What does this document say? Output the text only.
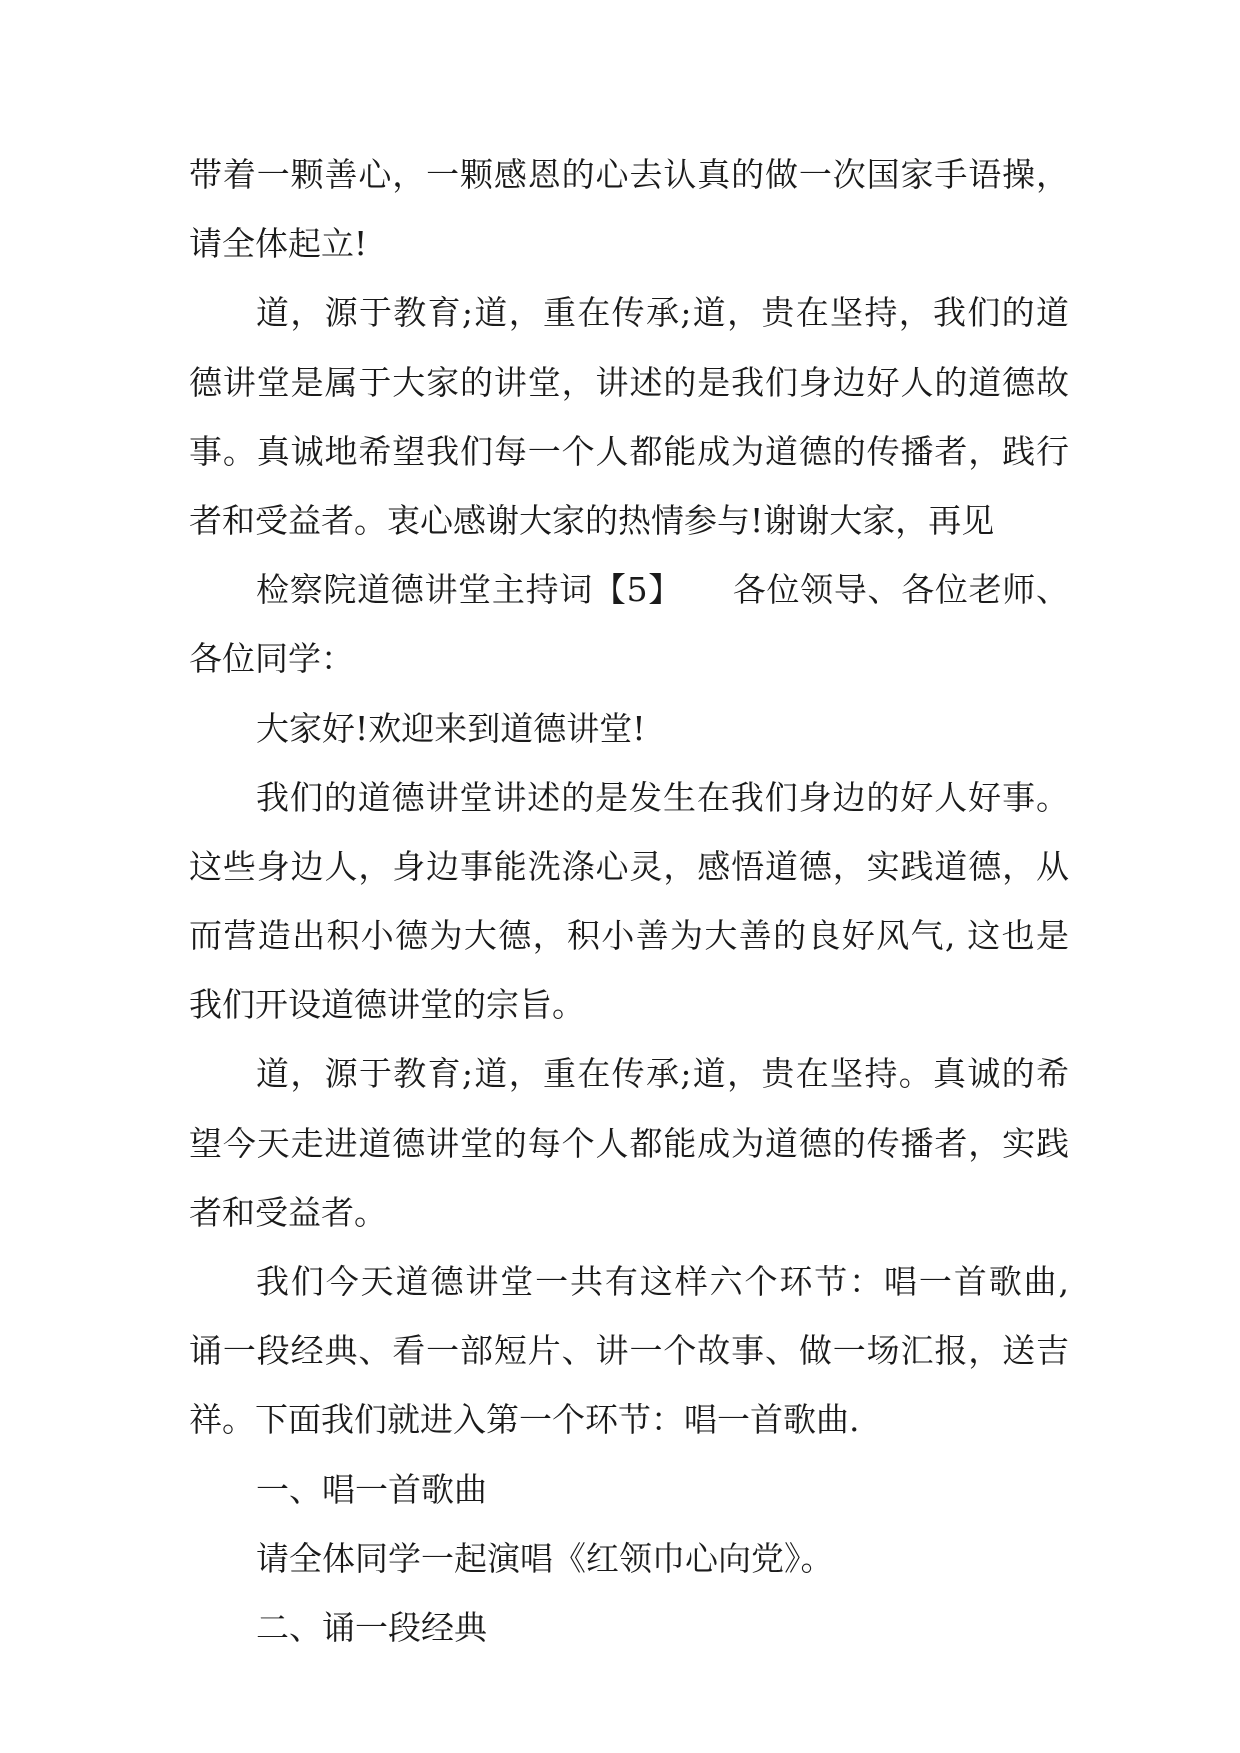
带着一颗善心，一颗感恩的心去认真的做一次国家手语操，
请全体起立!
道，源于教育;道，重在传承;道，贵在坚持，我们的道
德讲堂是属于大家的讲堂，讲述的是我们身边好人的道德故
事。真诚地希望我们每一个人都能成为道德的传播者，践行
者和受益者。衷心感谢大家的热情参与!谢谢大家，再见
检察院道德讲堂主持词【5】　　各位领导、各位老师、
各位同学：
大家好!欢迎来到道德讲堂!
我们的道德讲堂讲述的是发生在我们身边的好人好事。
这些身边人，身边事能洗涤心灵，感悟道德，实践道德，从
而营造出积小德为大德，积小善为大善的良好风气, 这也是
我们开设道德讲堂的宗旨。
道，源于教育;道，重在传承;道，贵在坚持。真诚的希
望今天走进道德讲堂的每个人都能成为道德的传播者，实践
者和受益者。
我们今天道德讲堂一共有这样六个环节：唱一首歌曲,
诵一段经典、看一部短片、讲一个故事、做一场汇报，送吉
祥。下面我们就进入第一个环节：唱一首歌曲.
一、唱一首歌曲
请全体同学一起演唱《红领巾心向党》。
二、诵一段经典
